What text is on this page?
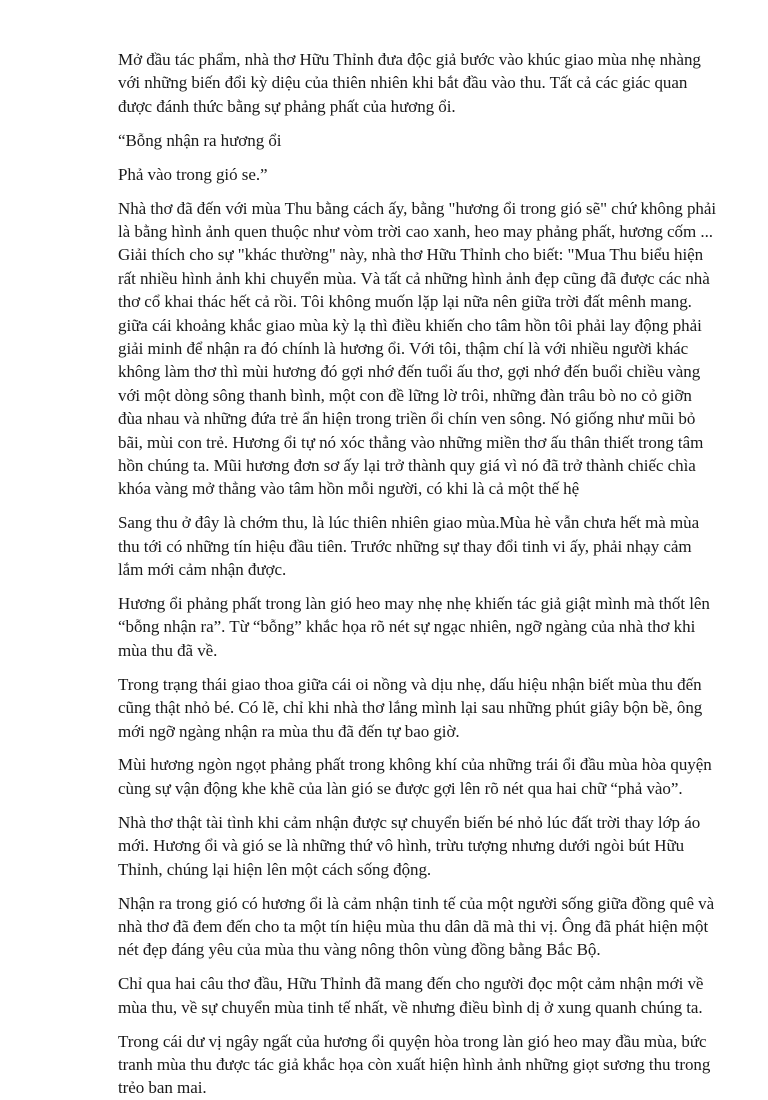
Mở đầu tác phẩm, nhà thơ Hữu Thỉnh đưa độc giả bước vào khúc giao mùa nhẹ nhàng với những biến đổi kỳ diệu của thiên nhiên khi bắt đầu vào thu. Tất cả các giác quan được đánh thức bằng sự phảng phất của hương ổi.

“Bỗng nhận ra hương ổi

Phả vào trong gió se.”

Nhà thơ đã đến với mùa Thu bằng cách ấy, bằng "hương ổi trong gió sẽ" chứ không phải là bằng hình ảnh quen thuộc như vòm trời cao xanh, heo may phảng phất, hương cốm ... Giải thích cho sự "khác thường" này, nhà thơ Hữu Thỉnh cho biết: "Mua Thu biểu hiện rất nhiều hình ảnh khi chuyển mùa. Và tất cả những hình ảnh đẹp cũng đã được các nhà thơ cổ khai thác hết cả rồi. Tôi không muốn lặp lại nữa nên giữa trời đất mênh mang. giữa cái khoảng khắc giao mùa kỳ lạ thì điều khiến cho tâm hồn tôi phải lay động phải giải minh để nhận ra đó chính là hương ổi. Với tôi, thậm chí là với nhiều người khác không làm thơ thì mùi hương đó gợi nhớ đến tuổi ấu thơ, gợi nhớ đến buổi chiều vàng với một dòng sông thanh bình, một con đề lững lờ trôi, những đàn trâu bò no cỏ giỡn đùa nhau và những đứa trẻ ẩn hiện trong triền ổi chín ven sông. Nó giống như mũi bỏ bãi, mùi con trẻ. Hương ổi tự nó xóc thẳng vào những miền thơ ấu thân thiết trong tâm hồn chúng ta. Mũi hương đơn sơ ấy lại trở thành quy giá vì nó đã trở thành chiếc chìa khóa vàng mở thẳng vào tâm hồn mỗi người, có khi là cả một thế hệ

Sang thu ở đây là chớm thu, là lúc thiên nhiên giao mùa.Mùa hè vẫn chưa hết mà mùa thu tới có những tín hiệu đầu tiên. Trước những sự thay đổi tinh vi ấy, phải nhạy cảm lắm mới cảm nhận được.

Hương ổi phảng phất trong làn gió heo may nhẹ nhẹ khiến tác giả giật mình mà thốt lên “bỗng nhận ra”. Từ “bỗng” khắc họa rõ nét sự ngạc nhiên, ngỡ ngàng của nhà thơ khi mùa thu đã về.

Trong trạng thái giao thoa giữa cái oi nồng và dịu nhẹ, dấu hiệu nhận biết mùa thu đến cũng thật nhỏ bé. Có lẽ, chỉ khi nhà thơ lắng mình lại sau những phút giây bộn bề, ông mới ngỡ ngàng nhận ra mùa thu đã đến tự bao giờ.

Mùi hương ngòn ngọt phảng phất trong không khí của những trái ổi đầu mùa hòa quyện cùng sự vận động khe khẽ của làn gió se được gợi lên rõ nét qua hai chữ “phả vào”.

Nhà thơ thật tài tình khi cảm nhận được sự chuyển biến bé nhỏ lúc đất trời thay lớp áo mới. Hương ổi và gió se là những thứ vô hình, trừu tượng nhưng dưới ngòi bút Hữu Thỉnh, chúng lại hiện lên một cách sống động.

Nhận ra trong gió có hương ổi là cảm nhận tinh tế của một người sống giữa đồng quê và nhà thơ đã đem đến cho ta một tín hiệu mùa thu dân dã mà thi vị. Ông đã phát hiện một nét đẹp đáng yêu của mùa thu vàng nông thôn vùng đồng bằng Bắc Bộ.

Chỉ qua hai câu thơ đầu, Hữu Thỉnh đã mang đến cho người đọc một cảm nhận mới về mùa thu, về sự chuyển mùa tinh tế nhất, về nhưng điều bình dị ở xung quanh chúng ta.

Trong cái dư vị ngây ngất của hương ổi quyện hòa trong làn gió heo may đầu mùa, bức tranh mùa thu được tác giả khắc họa còn xuất hiện hình ảnh những giọt sương thu trong trẻo ban mai.
